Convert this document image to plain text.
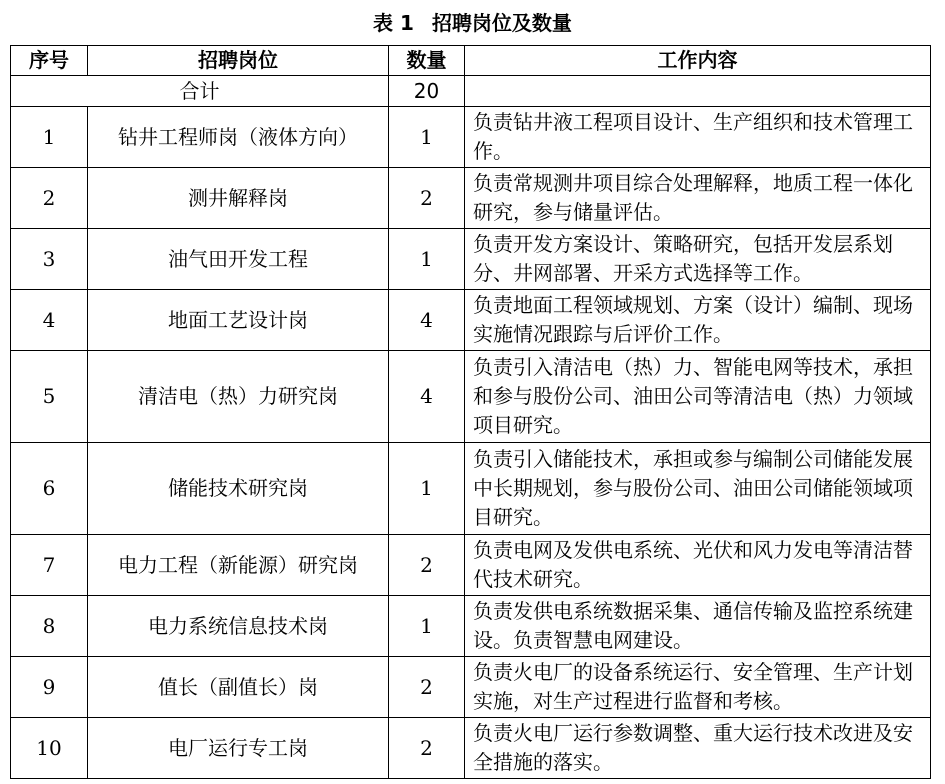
表 1 招聘岗位及数量
序号	招聘岗位	数量	工作内容
合计		20	
1	钻井工程师岗（液体方向）	1	负责钻井液工程项目设计、生产组织和技术管理工作。
2	测井解释岗	2	负责常规测井项目综合处理解释，地质工程一体化研究，参与储量评估。
3	油气田开发工程	1	负责开发方案设计、策略研究，包括开发层系划分、井网部署、开采方式选择等工作。
4	地面工艺设计岗	4	负责地面工程领域规划、方案（设计）编制、现场实施情况跟踪与后评价工作。
5	清洁电（热）力研究岗	4	负责引入清洁电（热）力、智能电网等技术，承担和参与股份公司、油田公司等清洁电（热）力领域项目研究。
6	储能技术研究岗	1	负责引入储能技术，承担或参与编制公司储能发展中长期规划，参与股份公司、油田公司储能领域项目研究。
7	电力工程（新能源）研究岗	2	负责电网及发供电系统、光伏和风力发电等清洁替代技术研究。
8	电力系统信息技术岗	1	负责发供电系统数据采集、通信传输及监控系统建设。负责智慧电网建设。
9	值长（副值长）岗	2	负责火电厂的设备系统运行、安全管理、生产计划实施，对生产过程进行监督和考核。
10	电厂运行专工岗	2	负责火电厂运行参数调整、重大运行技术改进及安全措施的落实。
